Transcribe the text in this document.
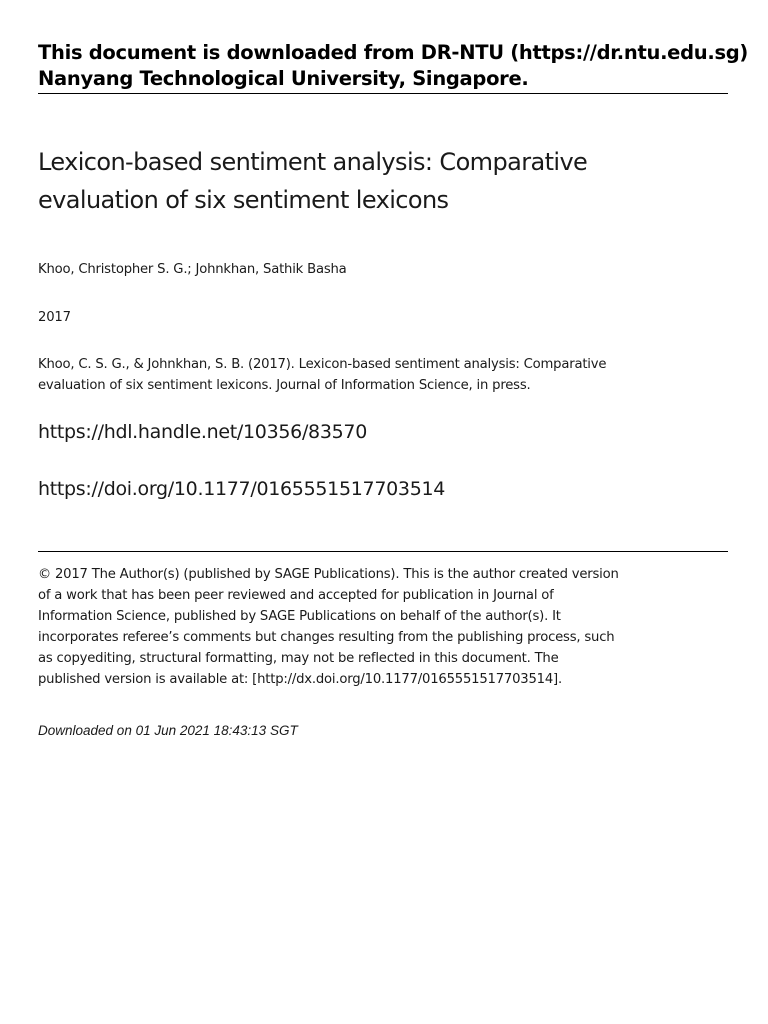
This document is downloaded from DR-NTU (https://dr.ntu.edu.sg)
Nanyang Technological University, Singapore.
Lexicon-based sentiment analysis: Comparative
evaluation of six sentiment lexicons
Khoo, Christopher S. G.; Johnkhan, Sathik Basha
2017
Khoo, C. S. G., & Johnkhan, S. B. (2017). Lexicon-based sentiment analysis: Comparative
evaluation of six sentiment lexicons. Journal of Information Science, in press.
https://hdl.handle.net/10356/83570
https://doi.org/10.1177/0165551517703514
© 2017 The Author(s) (published by SAGE Publications). This is the author created version
of a work that has been peer reviewed and accepted for publication in Journal of
Information Science, published by SAGE Publications on behalf of the author(s). It
incorporates referee’s comments but changes resulting from the publishing process, such
as copyediting, structural formatting, may not be reflected in this document. The
published version is available at: [http://dx.doi.org/10.1177/0165551517703514].
Downloaded on 01 Jun 2021 18:43:13 SGT
